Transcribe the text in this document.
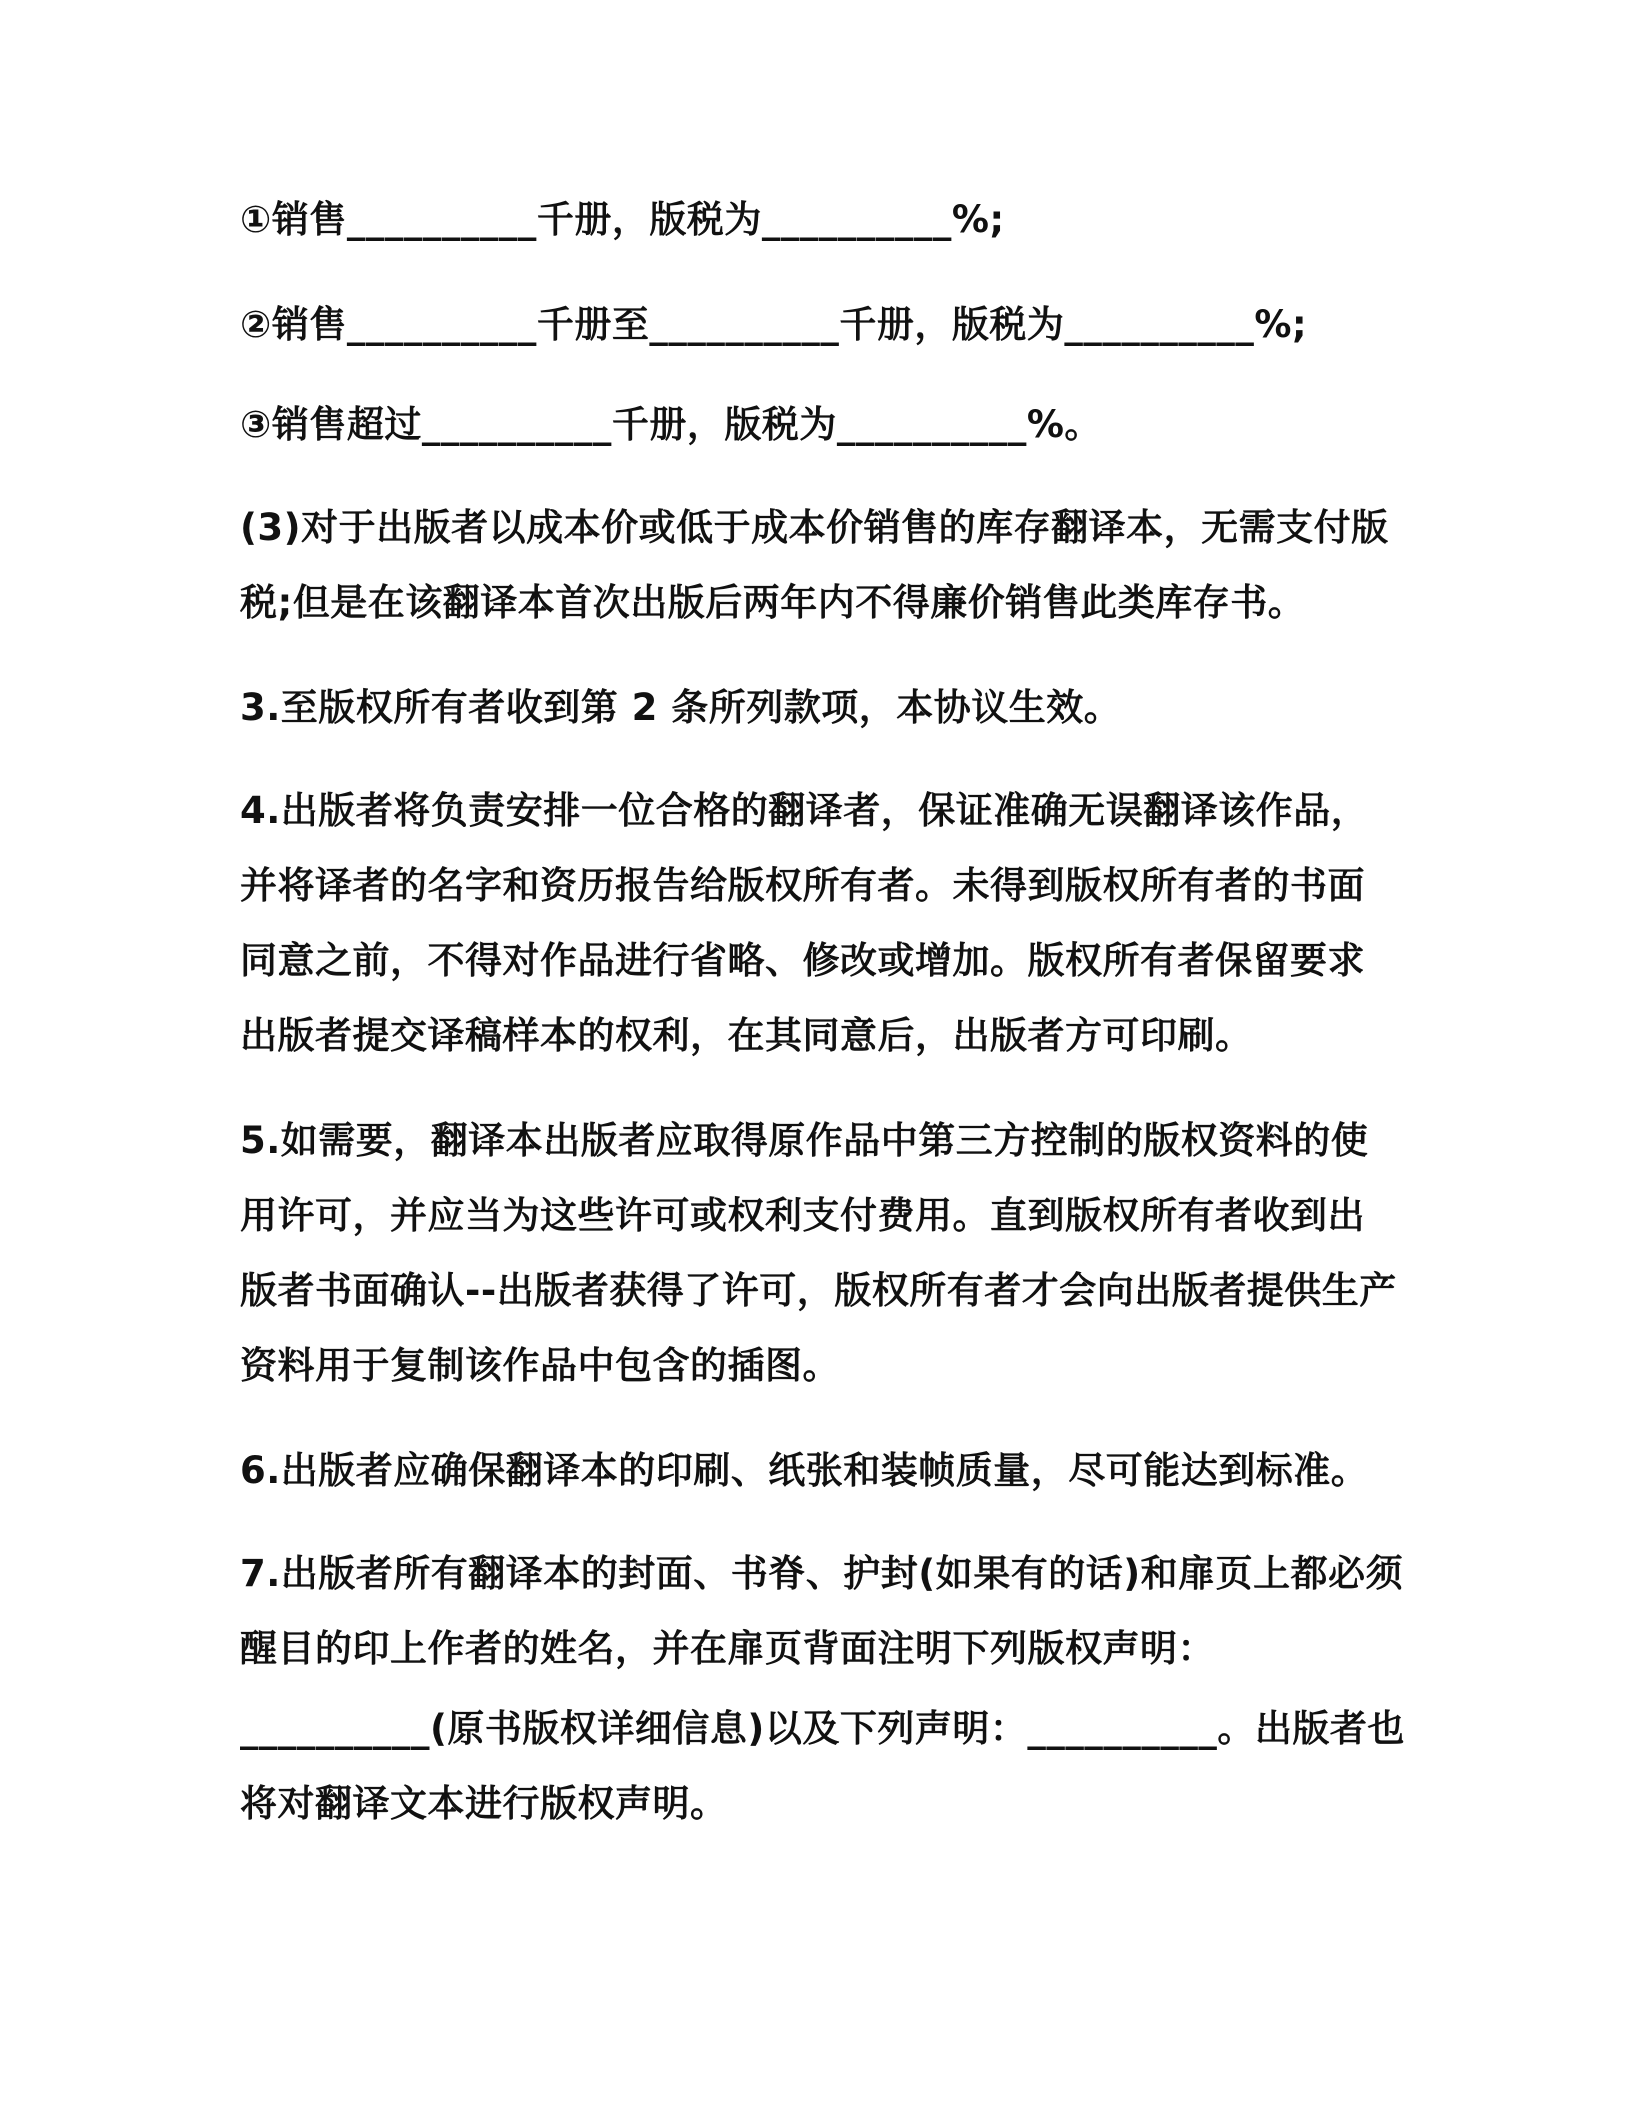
①销售__________千册，版税为__________%;
②销售__________千册至__________千册，版税为__________%;
③销售超过__________千册，版税为__________%。
(3)对于出版者以成本价或低于成本价销售的库存翻译本，无需支付版
税;但是在该翻译本首次出版后两年内不得廉价销售此类库存书。
3.至版权所有者收到第 2 条所列款项，本协议生效。
4.出版者将负责安排一位合格的翻译者，保证准确无误翻译该作品，
并将译者的名字和资历报告给版权所有者。未得到版权所有者的书面
同意之前，不得对作品进行省略、修改或增加。版权所有者保留要求
出版者提交译稿样本的权利，在其同意后，出版者方可印刷。
5.如需要，翻译本出版者应取得原作品中第三方控制的版权资料的使
用许可，并应当为这些许可或权利支付费用。直到版权所有者收到出
版者书面确认--出版者获得了许可，版权所有者才会向出版者提供生产
资料用于复制该作品中包含的插图。
6.出版者应确保翻译本的印刷、纸张和装帧质量，尽可能达到标准。
7.出版者所有翻译本的封面、书脊、护封(如果有的话)和扉页上都必须
醒目的印上作者的姓名，并在扉页背面注明下列版权声明：
__________(原书版权详细信息)以及下列声明：__________。出版者也
将对翻译文本进行版权声明。
